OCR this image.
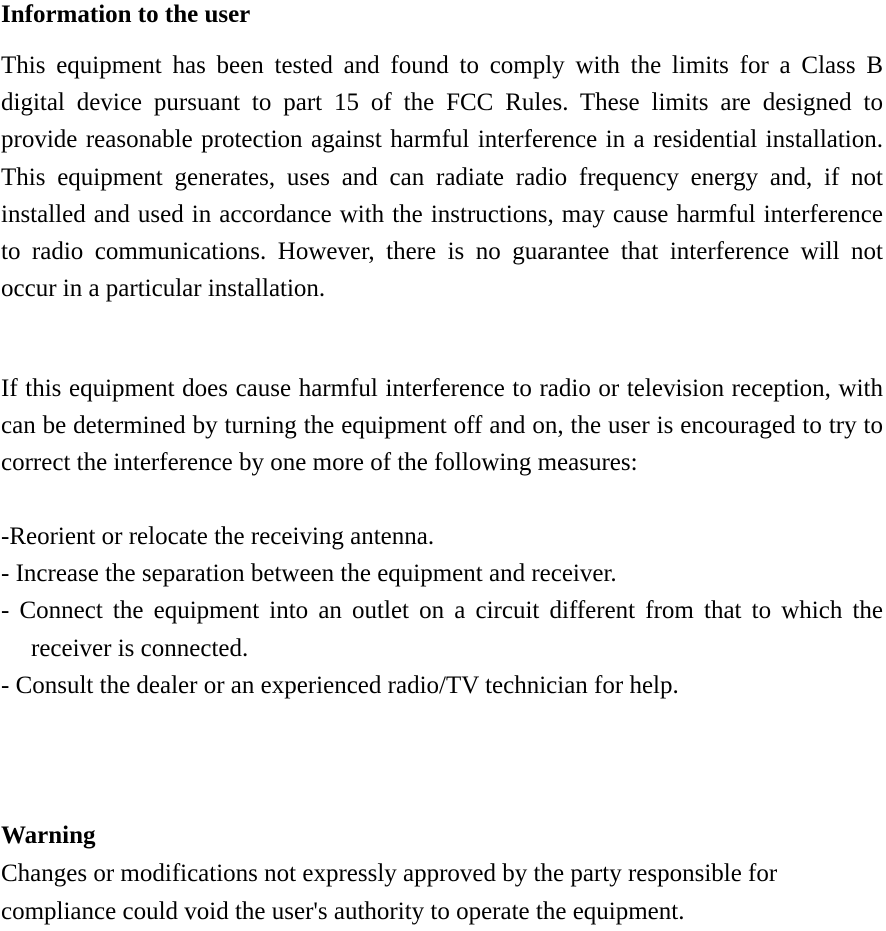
Information to the user

This equipment has been tested and found to comply with the limits for a Class B digital device pursuant to part 15 of the FCC Rules. These limits are designed to provide reasonable protection against harmful interference in a residential installation. This equipment generates, uses and can radiate radio frequency energy and, if not installed and used in accordance with the instructions, may cause harmful interference to radio communications. However, there is no guarantee that interference will not occur in a particular installation.

If this equipment does cause harmful interference to radio or television reception, with can be determined by turning the equipment off and on, the user is encouraged to try to correct the interference by one more of the following measures:

-Reorient or relocate the receiving antenna.
- Increase the separation between the equipment and receiver.
- Connect the equipment into an outlet on a circuit different from that to which the receiver is connected.
- Consult the dealer or an experienced radio/TV technician for help.
Warning

Changes or modifications not expressly approved by the party responsible for compliance could void the user's authority to operate the equipment.
